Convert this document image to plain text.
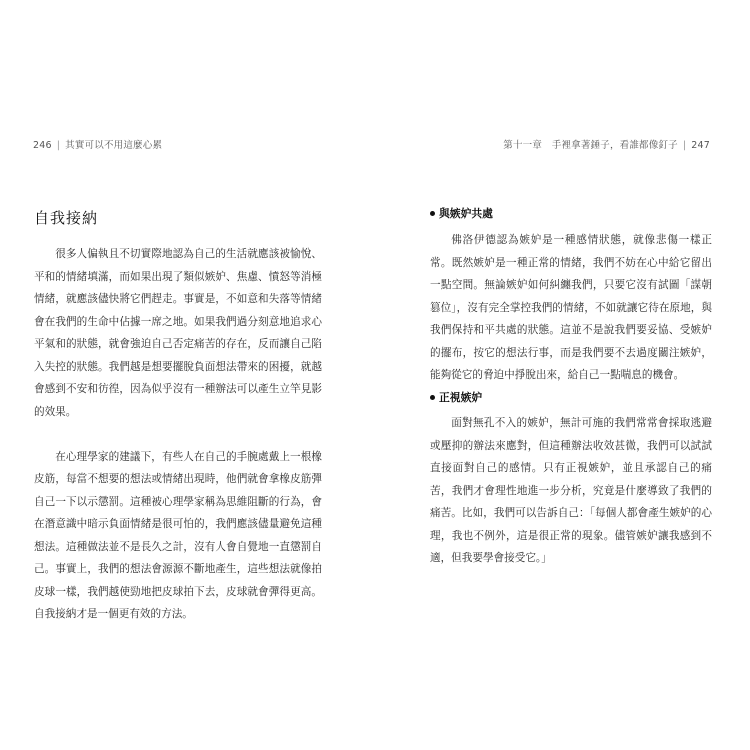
246 | 其實可以不用這麼心累
自我接納

很多人偏執且不切實際地認為自己的生活就應該被愉悅、平和的情緒填滿，而如果出現了類似嫉妒、焦慮、憤怒等消極情緒，就應該儘快將它們趕走。事實是，不如意和失落等情緒會在我們的生命中佔據一席之地。如果我們過分刻意地追求心平氣和的狀態，就會強迫自己否定痛苦的存在，反而讓自己陷入失控的狀態。我們越是想要擺脫負面想法帶來的困擾，就越會感到不安和彷徨，因為似乎沒有一種辦法可以產生立竿見影的效果。

在心理學家的建議下，有些人在自己的手腕處戴上一根橡皮筋，每當不想要的想法或情緒出現時，他們就會拿橡皮筋彈自己一下以示懲罰。這種被心理學家稱為思維阻斷的行為，會在潛意識中暗示負面情緒是很可怕的，我們應該儘量避免這種想法。這種做法並不是長久之計，沒有人會自覺地一直懲罰自己。事實上，我們的想法會源源不斷地產生，這些想法就像拍皮球一樣，我們越使勁地把皮球拍下去，皮球就會彈得更高。自我接納才是一個更有效的方法。

第十一章　手裡拿著錘子，看誰都像釘子 | 247
與嫉妒共處

佛洛伊德認為嫉妒是一種感情狀態，就像悲傷一樣正常。既然嫉妒是一種正常的情緒，我們不妨在心中給它留出一點空間。無論嫉妒如何糾纏我們，只要它沒有試圖「謀朝篡位」，沒有完全掌控我們的情緒，不如就讓它待在原地，與我們保持和平共處的狀態。這並不是說我們要妥協、受嫉妒的擺布，按它的想法行事，而是我們要不去過度關注嫉妒，能夠從它的脅迫中掙脫出來，給自己一點喘息的機會。

正視嫉妒

面對無孔不入的嫉妒，無計可施的我們常常會採取逃避或壓抑的辦法來應對，但這種辦法收效甚微，我們可以試試直接面對自己的感情。只有正視嫉妒，並且承認自己的痛苦，我們才會理性地進一步分析，究竟是什麼導致了我們的痛苦。比如，我們可以告訴自己：「每個人都會產生嫉妒的心理，我也不例外，這是很正常的現象。儘管嫉妒讓我感到不適，但我要學會接受它。」
